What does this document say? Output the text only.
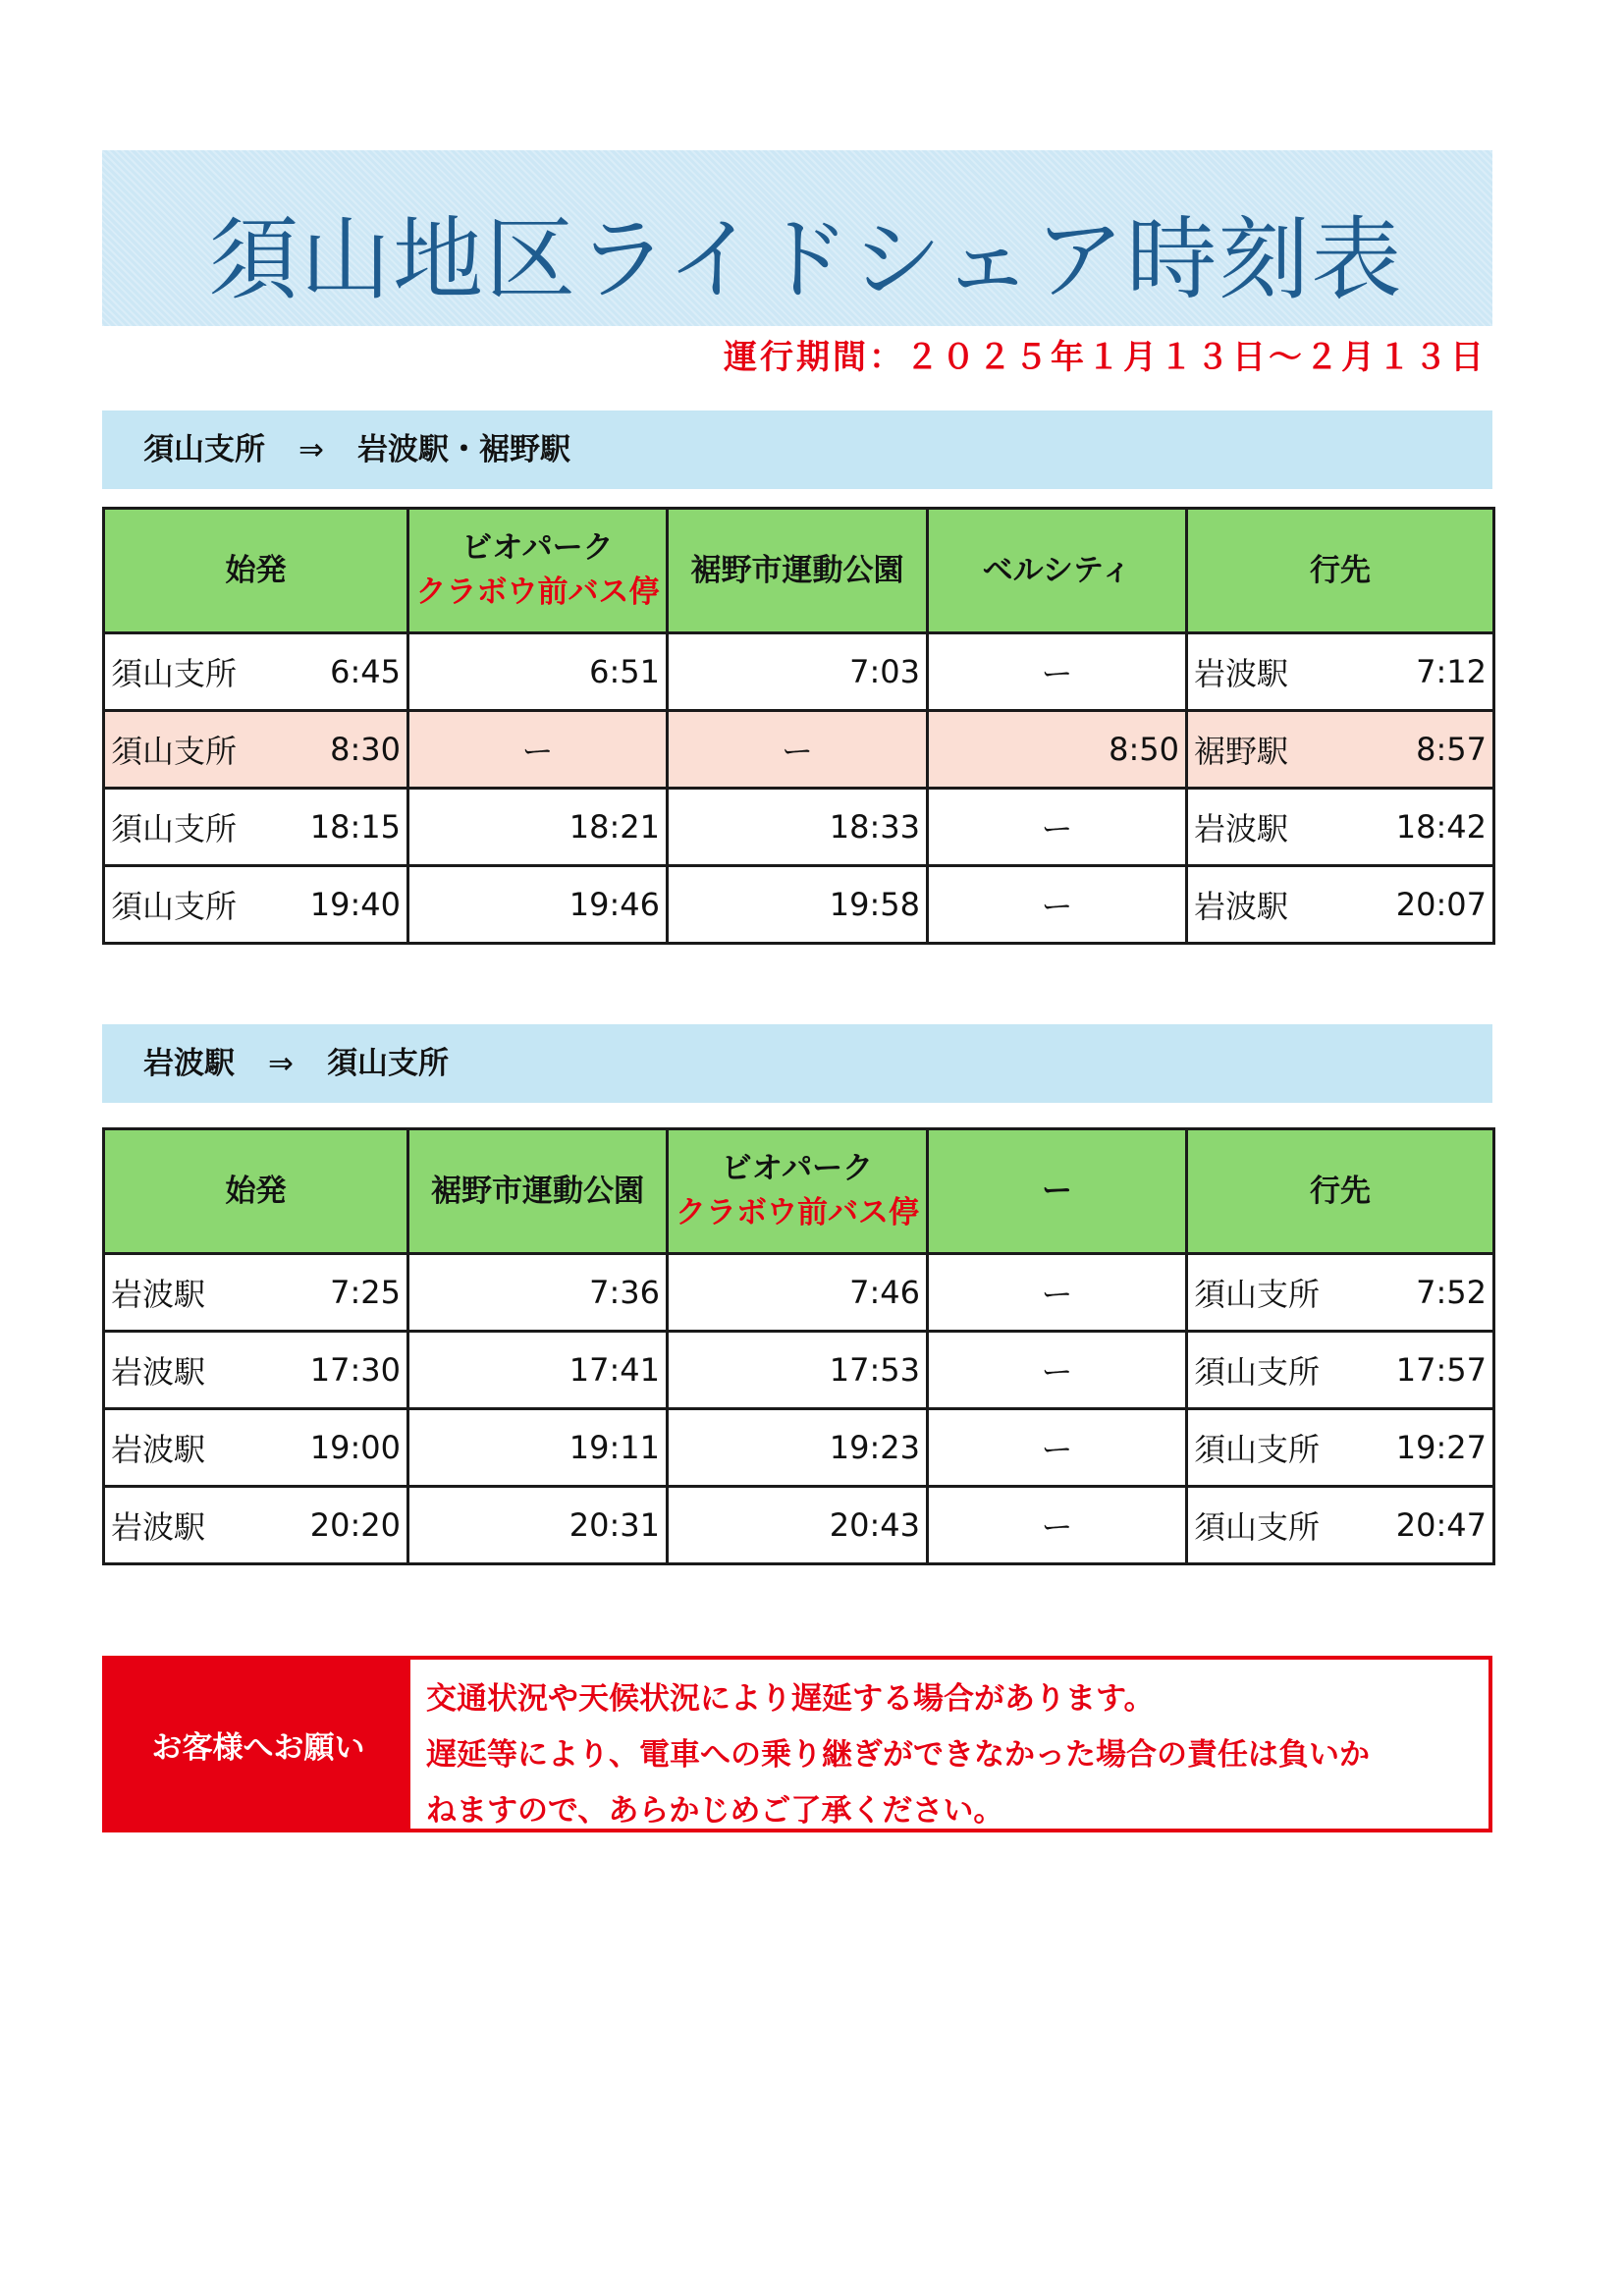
須山地区ライドシェア時刻表
運行期間：２０２５年１月１３日～２月１３日
須山支所 ⇒ 岩波駅・裾野駅
始発	ビオパーク
クラボウ前バス停	裾野市運動公園	ベルシティ	行先

須山支所 6:45	6:51	7:03	ー	岩波駅 7:12

須山支所 8:30	ー	ー	8:50	裾野駅 8:57

須山支所 18:15	18:21	18:33	ー	岩波駅 18:42

須山支所 19:40	19:46	19:58	ー	岩波駅 20:07
岩波駅 ⇒ 須山支所
始発	裾野市運動公園	ビオパーク
クラボウ前バス停	ー	行先

岩波駅 7:25	7:36	7:46	ー	須山支所 7:52

岩波駅 17:30	17:41	17:53	ー	須山支所 17:57

岩波駅 19:00	19:11	19:23	ー	須山支所 19:27

岩波駅 20:20	20:31	20:43	ー	須山支所 20:47
お客様へお願い
交通状況や天候状況により遅延する場合があります。
遅延等により、電車への乗り継ぎができなかった場合の責任は負いか
ねますので、あらかじめご了承ください。
